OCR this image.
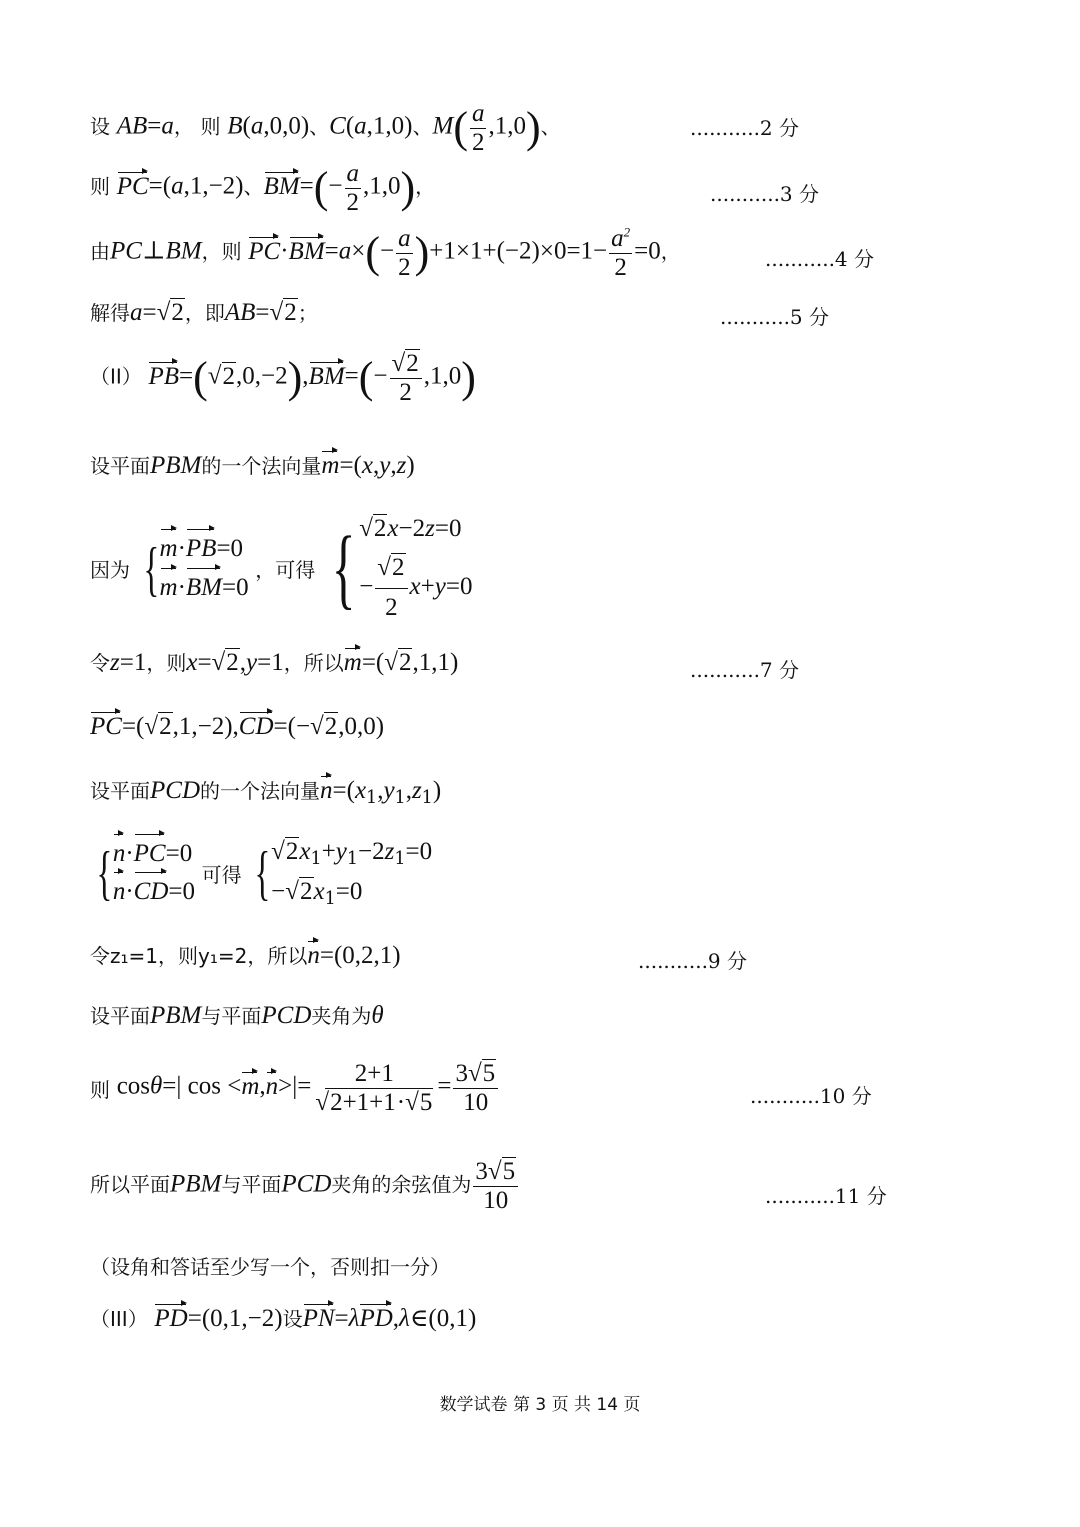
设 AB=a， 则 B(a,0,0)、C(a,1,0)、$M( \frac{a}{2} ,1,0)$、	...........2 分
则 PC=(a,1,−2)、$BM=(- \frac{a}{2} ,1,0)$，	...........3 分
由PC⊥BM，则 $PC\cdot BM=a\times(- \frac{a}{2} )+1\times 1+(-2)\times 0=1- \frac{a^2}{2} =0$，	...........4 分
解得a=√2，即AB=√2；	...........5 分
（II） $PB=(√2,0,-2),BM=(- \frac{√2}{2} ,1,0)$
设平面PBM的一个法向量m=(x,y,z)
因为 { m·PB=0
m·BM=0
，可得 { √2x−2z=0
− $\frac{√2}{2} x+y=0$
令z=1，则x=√2,y=1，所以m=(√2,1,1)	...........7 分
PC=(√2,1,−2),CD=(−√2,0,0)
设平面PCD的一个法向量$n=(x_1,y_1,z_1)$
{ n·PC=0
n·CD=0
可得 { $√2x_1+y_1-2z_1=0$
$-√2x_1=0$
令z₁=1，则y₁=2，所以n=(0,2,1)	...........9 分
设平面PBM与平面PCD夹角为θ
则 cosθ=| $\cos <m,n>|= \frac{2+1}{√2+1+1\cdot√5} = \frac{3√5}{10}$	...........10 分
所以平面PBM与平面PCD夹角的余弦值为 $\frac{3√5}{10}$	...........11 分
（设角和答话至少写一个，否则扣一分）
（III） PD=(0,1,−2)设PN=λPD,λ∈(0,1)
数学试卷 第 3 页 共 14 页
